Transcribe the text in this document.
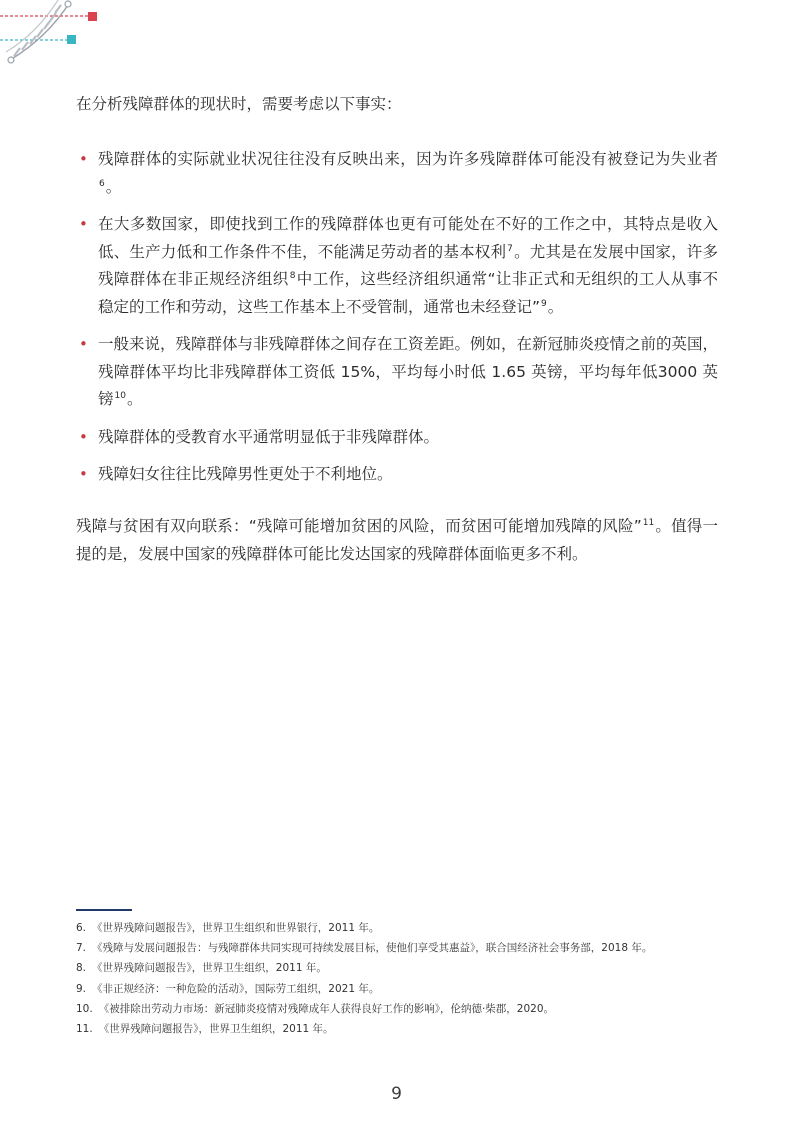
在分析残障群体的现状时，需要考虑以下事实：

• 残障群体的实际就业状况往往没有反映出来，因为许多残障群体可能没有被登记为失业者$^6$。
• 在大多数国家，即使找到工作的残障群体也更有可能处在不好的工作之中，其特点是收入低、生产力低和工作条件不佳，不能满足劳动者的基本权利$^7$。尤其是在发展中国家，许多残障群体在非正规经济组织$^8$中工作，这些经济组织通常“让非正式和无组织的工人从事不稳定的工作和劳动，这些工作基本上不受管制，通常也未经登记”$^9$。
• 一般来说，残障群体与非残障群体之间存在工资差距。例如，在新冠肺炎疫情之前的英国，残障群体平均比非残障群体工资低 15%，平均每小时低 1.65 英镑，平均每年低3000 英镑$^{10}$。
• 残障群体的受教育水平通常明显低于非残障群体。
• 残障妇女往往比残障男性更处于不利地位。

残障与贫困有双向联系：“残障可能增加贫困的风险，而贫困可能增加残障的风险”$^{11}$。值得一提的是，发展中国家的残障群体可能比发达国家的残障群体面临更多不利。

6. 《世界残障问题报告》，世界卫生组织和世界银行，2011 年。
7. 《残障与发展问题报告：与残障群体共同实现可持续发展目标，使他们享受其惠益》，联合国经济社会事务部，2018 年。
8. 《世界残障问题报告》，世界卫生组织，2011 年。
9. 《非正规经济：一种危险的活动》，国际劳工组织，2021 年。
10. 《被排除出劳动力市场：新冠肺炎疫情对残障成年人获得良好工作的影响》，伦纳德·柴郡，2020。
11. 《世界残障问题报告》，世界卫生组织，2011 年。

9
